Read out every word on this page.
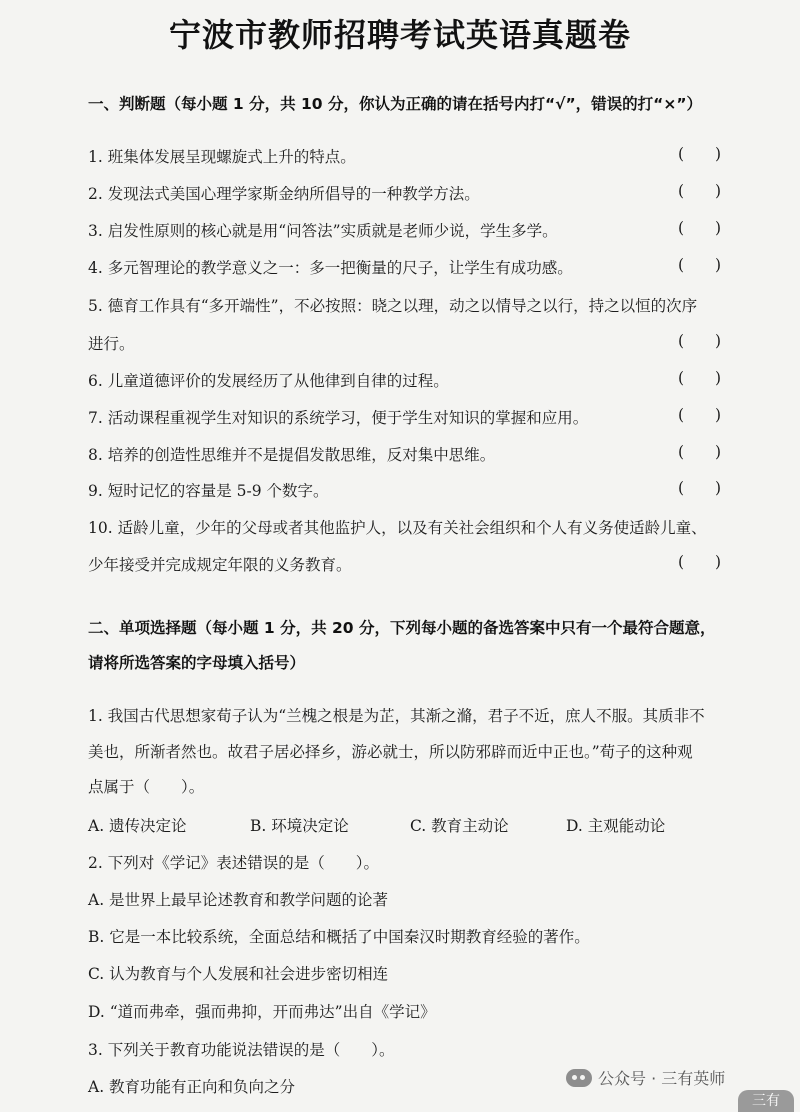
宁波市教师招聘考试英语真题卷
一、判断题（每小题 1 分，共 10 分，你认为正确的请在括号内打“√”，错误的打“×”）
1. 班集体发展呈现螺旋式上升的特点。	(　　)
2. 发现法式美国心理学家斯金纳所倡导的一种教学方法。	(　　)
3. 启发性原则的核心就是用“问答法”实质就是老师少说，学生多学。	(　　)
4. 多元智理论的教学意义之一：多一把衡量的尺子，让学生有成功感。	(　　)
5. 德育工作具有“多开端性”，不必按照：晓之以理，动之以情导之以行，持之以恒的次序
进行。	(　　)
6. 儿童道德评价的发展经历了从他律到自律的过程。	(　　)
7. 活动课程重视学生对知识的系统学习，便于学生对知识的掌握和应用。	(　　)
8. 培养的创造性思维并不是提倡发散思维，反对集中思维。	(　　)
9. 短时记忆的容量是 5-9 个数字。	(　　)
10. 适龄儿童，少年的父母或者其他监护人，以及有关社会组织和个人有义务使适龄儿童、
少年接受并完成规定年限的义务教育。	(　　)
二、单项选择题（每小题 1 分，共 20 分，下列每小题的备选答案中只有一个最符合题意，
请将所选答案的字母填入括号）
1. 我国古代思想家荀子认为“兰槐之根是为芷，其渐之滫，君子不近，庶人不服。其质非不
美也，所渐者然也。故君子居必择乡，游必就士，所以防邪辟而近中正也。”荀子的这种观
点属于（　　）。
A. 遗传决定论	B. 环境决定论	C. 教育主动论	D. 主观能动论
2. 下列对《学记》表述错误的是（　　）。
A. 是世界上最早论述教育和教学问题的论著
B. 它是一本比较系统，全面总结和概括了中国秦汉时期教育经验的著作。
C. 认为教育与个人发展和社会进步密切相连
D. “道而弗牵，强而弗抑，开而弗达”出自《学记》
3. 下列关于教育功能说法错误的是（　　）。
A. 教育功能有正向和负向之分	公众号 · 三有英师
三有
